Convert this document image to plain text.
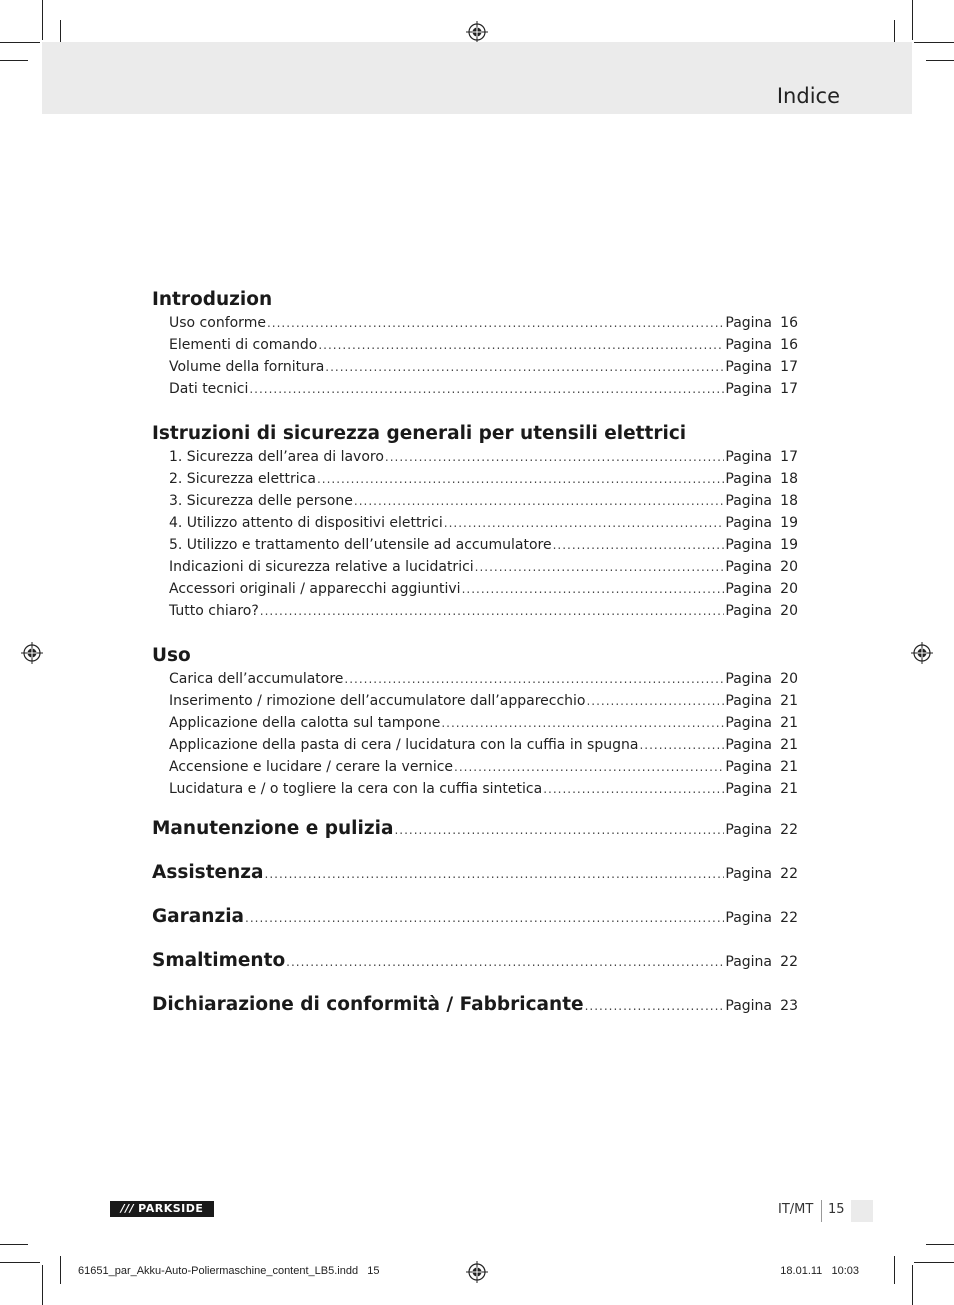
Indice
Introduzion
Uso conforme .....	Pagina 16
Elementi di comando .....	Pagina 16
Volume della fornitura .....	Pagina 17
Dati tecnici .....	Pagina 17
Istruzioni di sicurezza generali per utensili elettrici
1. Sicurezza dell’area di lavoro .....	Pagina 17
2. Sicurezza elettrica .....	Pagina 18
3. Sicurezza delle persone .....	Pagina 18
4. Utilizzo attento di dispositivi elettrici .....	Pagina 19
5. Utilizzo e trattamento dell’utensile ad accumulatore .....	Pagina 19
Indicazioni di sicurezza relative a lucidatrici .....	Pagina 20
Accessori originali / apparecchi aggiuntivi .....	Pagina 20
Tutto chiaro? .....	Pagina 20
Uso
Carica dell’accumulatore .....	Pagina 20
Inserimento / rimozione dell’accumulatore dall’apparecchio .....	Pagina 21
Applicazione della calotta sul tampone .....	Pagina 21
Applicazione della pasta di cera / lucidatura con la cuffia in spugna .....	Pagina 21
Accensione e lucidare / cerare la vernice .....	Pagina 21
Lucidatura e / o togliere la cera con la cuffia sintetica .....	Pagina 21
Manutenzione e pulizia .....	Pagina 22
Assistenza .....	Pagina 22
Garanzia .....	Pagina 22
Smaltimento .....	Pagina 22
Dichiarazione di conformità / Fabbricante .....	Pagina 23
/// PARKSIDE	IT/MT 15
61651_par_Akku-Auto-Poliermaschine_content_LB5.indd   15	18.01.11   10:03
